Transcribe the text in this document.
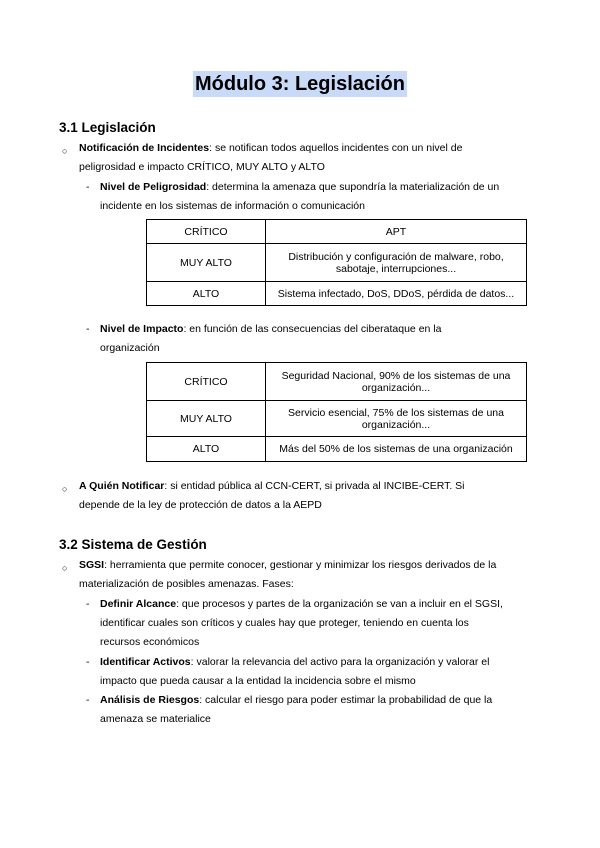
Módulo 3: Legislación
3.1 Legislación
○ Notificación de Incidentes: se notifican todos aquellos incidentes con un nivel de
peligrosidad e impacto CRÍTICO, MUY ALTO y ALTO
- Nivel de Peligrosidad: determina la amenaza que supondría la materialización de un
incidente en los sistemas de información o comunicación
CRÍTICO	APT
MUY ALTO	Distribución y configuración de malware, robo, sabotaje, interrupciones...
ALTO	Sistema infectado, DoS, DDoS, pérdida de datos...
- Nivel de Impacto: en función de las consecuencias del ciberataque en la
organización
CRÍTICO	Seguridad Nacional, 90% de los sistemas de una organización...
MUY ALTO	Servicio esencial, 75% de los sistemas de una organización...
ALTO	Más del 50% de los sistemas de una organización
○ A Quién Notificar: si entidad pública al CCN-CERT, si privada al INCIBE-CERT. Si
depende de la ley de protección de datos a la AEPD
3.2 Sistema de Gestión
○ SGSI: herramienta que permite conocer, gestionar y minimizar los riesgos derivados de la
materialización de posibles amenazas. Fases:
- Definir Alcance: que procesos y partes de la organización se van a incluir en el SGSI,
identificar cuales son críticos y cuales hay que proteger, teniendo en cuenta los
recursos económicos
- Identificar Activos: valorar la relevancia del activo para la organización y valorar el
impacto que pueda causar a la entidad la incidencia sobre el mismo
- Análisis de Riesgos: calcular el riesgo para poder estimar la probabilidad de que la
amenaza se materialice
